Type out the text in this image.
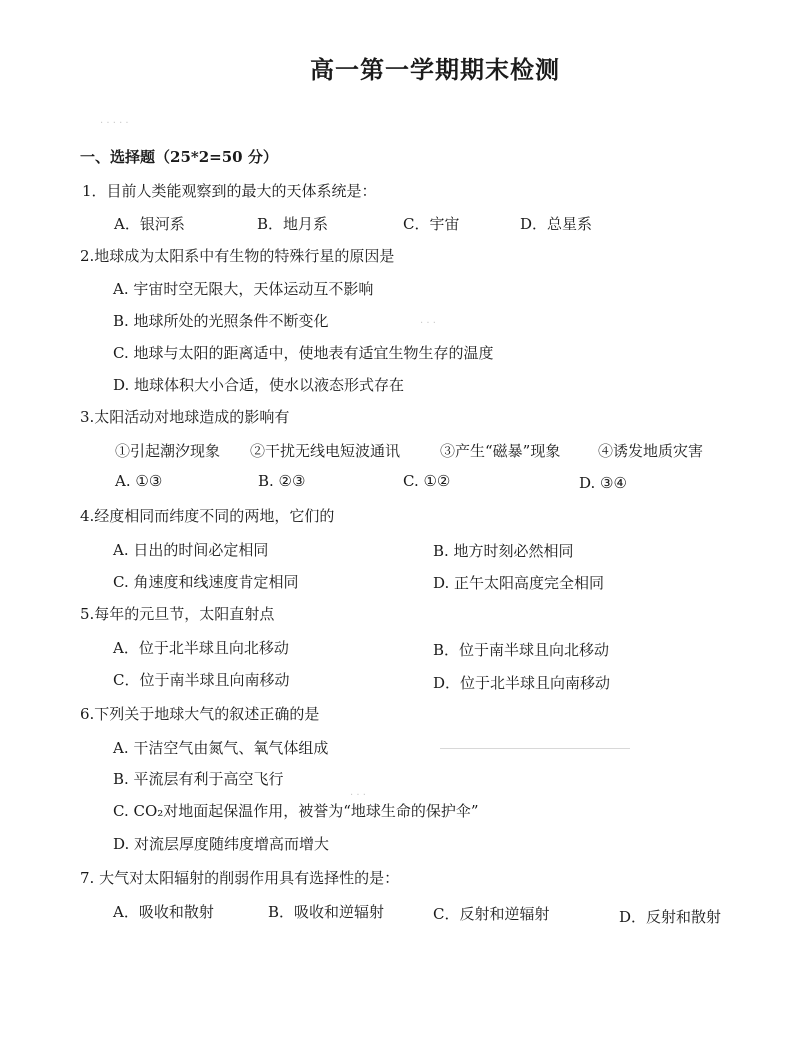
高一第一学期期末检测
· · · · ·
· · ·
· · ·
一、选择题（25*2=50 分）
1．目前人类能观察到的最大的天体系统是：
A．银河系	B．地月系	C．宇宙	D．总星系
2.地球成为太阳系中有生物的特殊行星的原因是
A. 宇宙时空无限大，天体运动互不影响
B. 地球所处的光照条件不断变化
C. 地球与太阳的距离适中，使地表有适宜生物生存的温度
D. 地球体积大小合适，使水以液态形式存在
3.太阳活动对地球造成的影响有
①引起潮汐现象 ②干扰无线电短波通讯	③产生“磁暴”现象	④诱发地质灾害
A. ①③	B. ②③	C. ①②	D. ③④
4.经度相同而纬度不同的两地，它们的
A. 日出的时间必定相同	B. 地方时刻必然相同
C. 角速度和线速度肯定相同	D. 正午太阳高度完全相同
5.每年的元旦节，太阳直射点
A．位于北半球且向北移动	B．位于南半球且向北移动
C．位于南半球且向南移动	D．位于北半球且向南移动
6.下列关于地球大气的叙述正确的是
A. 干洁空气由氮气、氧气体组成
B. 平流层有利于高空飞行
C. CO₂对地面起保温作用，被誉为“地球生命的保护伞”
D. 对流层厚度随纬度增高而增大
7. 大气对太阳辐射的削弱作用具有选择性的是：
A．吸收和散射	B．吸收和逆辐射	C．反射和逆辐射	D．反射和散射
